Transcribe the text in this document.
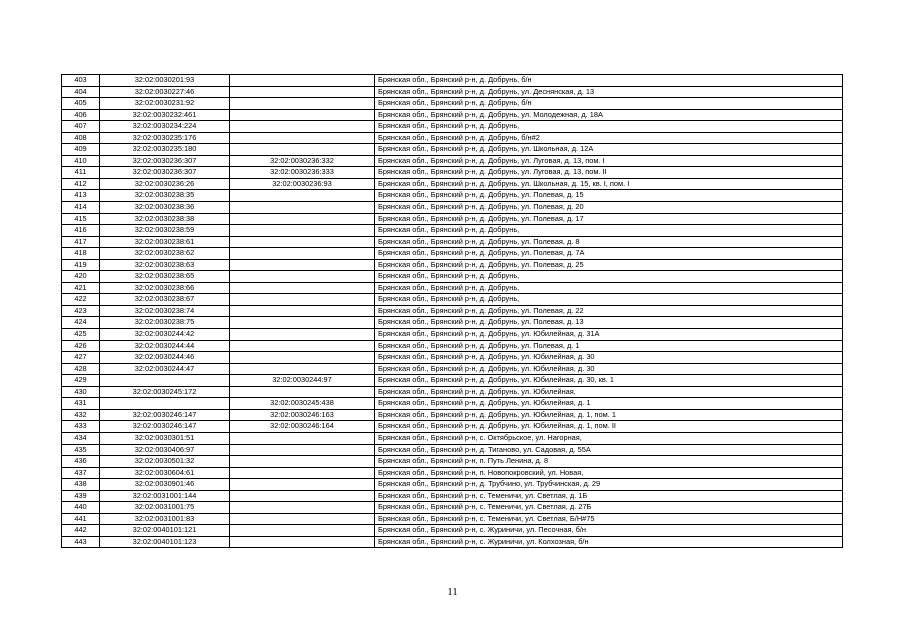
403	32:02:0030201:93		Брянская обл., Брянский р-н, д. Добрунь, б/н
404	32:02:0030227:46		Брянская обл., Брянский р-н, д. Добрунь, ул. Деснянская, д. 13
405	32:02:0030231:92		Брянская обл., Брянский р-н, д. Добрунь, б/н
406	32:02:0030232:461		Брянская обл., Брянский р-н, д. Добрунь, ул. Молодежная, д. 18А
407	32:02:0030234:224		Брянская обл., Брянский р-н, д. Добрунь,
408	32:02:0030235:176		Брянская обл., Брянский р-н, д. Добрунь, б/н#2
409	32:02:0030235:180		Брянская обл., Брянский р-н, д. Добрунь, ул. Школьная, д. 12А
410	32:02:0030236:307	32:02:0030236:332	Брянская обл., Брянский р-н, д. Добрунь, ул. Луговая, д. 13, пом. I
411	32:02:0030236:307	32:02:0030236:333	Брянская обл., Брянский р-н, д. Добрунь, ул. Луговая, д. 13, пом. II
412	32:02:0030236:26	32:02:0030236:93	Брянская обл., Брянский р-н, д. Добрунь, ул. Школьная, д. 15, кв. I, пом. I
413	32:02:0030238:35		Брянская обл., Брянский р-н, д. Добрунь, ул. Полевая, д. 15
414	32:02:0030238:36		Брянская обл., Брянский р-н, д. Добрунь, ул. Полевая, д. 20
415	32:02:0030238:38		Брянская обл., Брянский р-н, д. Добрунь, ул. Полевая, д. 17
416	32:02:0030238:59		Брянская обл., Брянский р-н, д. Добрунь,
417	32:02:0030238:61		Брянская обл., Брянский р-н, д. Добрунь, ул. Полевая, д. 8
418	32:02:0030238:62		Брянская обл., Брянский р-н, д. Добрунь, ул. Полевая, д. 7А
419	32:02:0030238:63		Брянская обл., Брянский р-н, д. Добрунь, ул. Полевая, д. 25
420	32:02:0030238:65		Брянская обл., Брянский р-н, д. Добрунь,
421	32:02:0030238:66		Брянская обл., Брянский р-н, д. Добрунь,
422	32:02:0030238:67		Брянская обл., Брянский р-н, д. Добрунь,
423	32:02:0030238:74		Брянская обл., Брянский р-н, д. Добрунь, ул. Полевая, д. 22
424	32:02:0030238:75		Брянская обл., Брянский р-н, д. Добрунь, ул. Полевая, д. 13
425	32:02:0030244:42		Брянская обл., Брянский р-н, д. Добрунь, ул. Юбилейная, д. 31А
426	32:02:0030244:44		Брянская обл., Брянский р-н, д. Добрунь, ул. Полевая, д. 1
427	32:02:0030244:46		Брянская обл., Брянский р-н, д. Добрунь, ул. Юбилейная, д. 30
428	32:02:0030244:47		Брянская обл., Брянский р-н, д. Добрунь, ул. Юбилейная, д. 30
429		32:02:0030244:97	Брянская обл., Брянский р-н, д. Добрунь, ул. Юбилейная, д. 30, кв. 1
430	32:02:0030245:172		Брянская обл., Брянский р-н, д. Добрунь, ул. Юбилейная,
431		32:02:0030245:438	Брянская обл., Брянский р-н, д. Добрунь, ул. Юбилейная, д. 1
432	32:02:0030246:147	32:02:0030246:163	Брянская обл., Брянский р-н, д. Добрунь, ул. Юбилейная, д. 1, пом. 1
433	32:02:0030246:147	32:02:0030246:164	Брянская обл., Брянский р-н, д. Добрунь, ул. Юбилейная, д. 1, пом. II
434	32:02:0030301:51		Брянская обл., Брянский р-н, с. Октябрьское, ул. Нагорная,
435	32:02:0030406:97		Брянская обл., Брянский р-н, д. Тиганово, ул. Садовая, д. 55А
436	32:02:0030501:32		Брянская обл., Брянский р-н, п. Путь Ленина, д. 8
437	32:02:0030604:61		Брянская обл., Брянский р-н, п. Новопокровский, ул. Новая,
438	32:02:0030901:46		Брянская обл., Брянский р-н, д. Трубчино, ул. Трубчинская, д. 29
439	32:02:0031001:144		Брянская обл., Брянский р-н, с. Теменичи, ул. Светлая, д. 1Б
440	32:02:0031001:75		Брянская обл., Брянский р-н, с. Теменичи, ул. Светлая, д. 27Б
441	32:02:0031001:83		Брянская обл., Брянский р-н, с. Теменичи, ул. Светлая, Б/Н#75
442	32:02:0040101:121		Брянская обл., Брянский р-н, с. Журиничи, ул. Песочная, б/н
443	32:02:0040101:123		Брянская обл., Брянский р-н, с. Журиничи, ул. Колхозная, б/н
11
